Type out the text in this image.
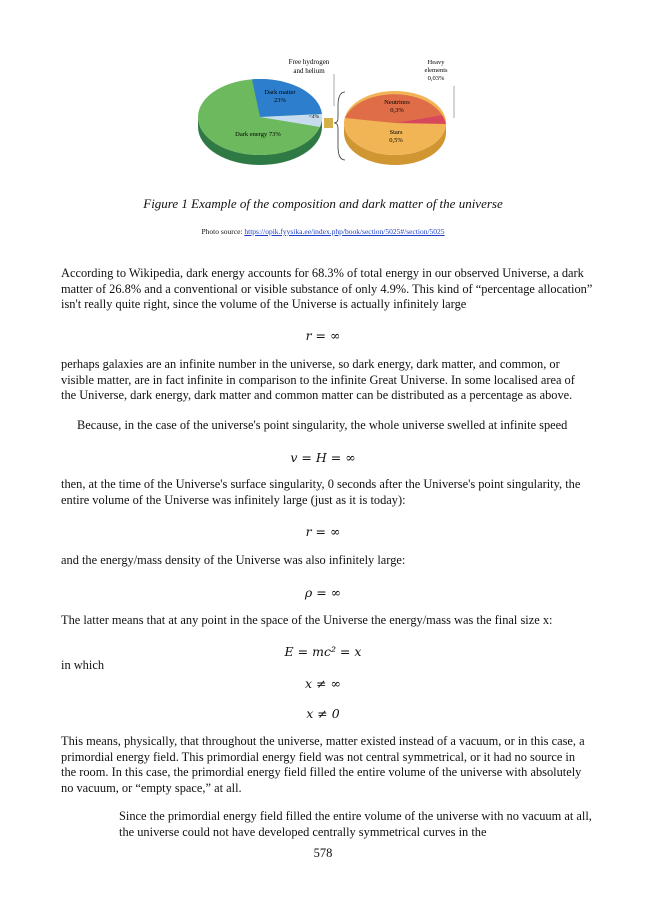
Free hydrogen
and helium
Heavy
elements
0,03%
Dark matter
23%
<4%
Dark energy 73%
Neutrinos
0,3%
Stars
0,5%
Figure 1 Example of the composition and dark matter of the universe
Photo source: https://opik.fyysika.ee/index.php/book/section/5025#/section/5025
According to Wikipedia, dark energy accounts for 68.3% of total energy in our observed Universe, a dark matter of 26.8% and a conventional or visible substance of only 4.9%. This kind of “percentage allocation” isn't really quite right, since the volume of the Universe is actually infinitely large
r = ∞
perhaps galaxies are an infinite number in the universe, so dark energy, dark matter, and common, or visible matter, are in fact infinite in comparison to the infinite Great Universe. In some localised area of the Universe, dark energy, dark matter and common matter can be distributed as a percentage as above.
Because, in the case of the universe's point singularity, the whole universe swelled at infinite speed
v = H = ∞
then, at the time of the Universe's surface singularity, 0 seconds after the Universe's point singularity, the entire volume of the Universe was infinitely large (just as it is today):
r = ∞
and the energy/mass density of the Universe was also infinitely large:
ρ = ∞
The latter means that at any point in the space of the Universe the energy/mass was the final size x:
E = mc² = x
in which
x ≠ ∞
x ≠ 0
This means, physically, that throughout the universe, matter existed instead of a vacuum, or in this case, a primordial energy field. This primordial energy field was not central symmetrical, or it had no source in the room. In this case, the primordial energy field filled the entire volume of the universe with absolutely no vacuum, or “empty space,” at all.
Since the primordial energy field filled the entire volume of the universe with no vacuum at all, the universe could not have developed centrally symmetrical curves in the
578
